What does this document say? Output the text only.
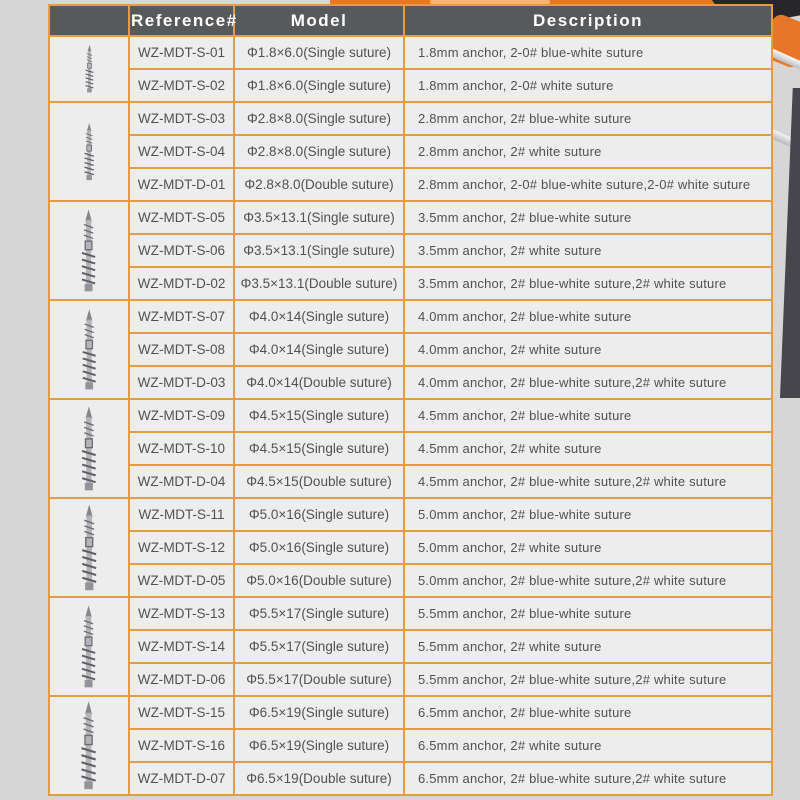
	Reference#	Model	Description

	WZ-MDT-S-01	Φ1.8×6.0(Single suture)	1.8mm anchor, 2-0# blue-white suture
	WZ-MDT-S-02	Φ1.8×6.0(Single suture)	1.8mm anchor, 2-0# white suture

	WZ-MDT-S-03	Φ2.8×8.0(Single suture)	2.8mm anchor, 2# blue-white suture
	WZ-MDT-S-04	Φ2.8×8.0(Single suture)	2.8mm anchor, 2# white suture
	WZ-MDT-D-01	Φ2.8×8.0(Double suture)	2.8mm anchor, 2-0# blue-white suture,2-0# white suture

	WZ-MDT-S-05	Φ3.5×13.1(Single suture)	3.5mm anchor, 2# blue-white suture
	WZ-MDT-S-06	Φ3.5×13.1(Single suture)	3.5mm anchor, 2# white suture
	WZ-MDT-D-02	Φ3.5×13.1(Double suture)	3.5mm anchor, 2# blue-white suture,2# white suture

	WZ-MDT-S-07	Φ4.0×14(Single suture)	4.0mm anchor, 2# blue-white suture
	WZ-MDT-S-08	Φ4.0×14(Single suture)	4.0mm anchor, 2# white suture
	WZ-MDT-D-03	Φ4.0×14(Double suture)	4.0mm anchor, 2# blue-white suture,2# white suture

	WZ-MDT-S-09	Φ4.5×15(Single suture)	4.5mm anchor, 2# blue-white suture
	WZ-MDT-S-10	Φ4.5×15(Single suture)	4.5mm anchor, 2# white suture
	WZ-MDT-D-04	Φ4.5×15(Double suture)	4.5mm anchor, 2# blue-white suture,2# white suture

	WZ-MDT-S-11	Φ5.0×16(Single suture)	5.0mm anchor, 2# blue-white suture
	WZ-MDT-S-12	Φ5.0×16(Single suture)	5.0mm anchor, 2# white suture
	WZ-MDT-D-05	Φ5.0×16(Double suture)	5.0mm anchor, 2# blue-white suture,2# white suture

	WZ-MDT-S-13	Φ5.5×17(Single suture)	5.5mm anchor, 2# blue-white suture
	WZ-MDT-S-14	Φ5.5×17(Single suture)	5.5mm anchor, 2# white suture
	WZ-MDT-D-06	Φ5.5×17(Double suture)	5.5mm anchor, 2# blue-white suture,2# white suture

	WZ-MDT-S-15	Φ6.5×19(Single suture)	6.5mm anchor, 2# blue-white suture
	WZ-MDT-S-16	Φ6.5×19(Single suture)	6.5mm anchor, 2# white suture
	WZ-MDT-D-07	Φ6.5×19(Double suture)	6.5mm anchor, 2# blue-white suture,2# white suture
